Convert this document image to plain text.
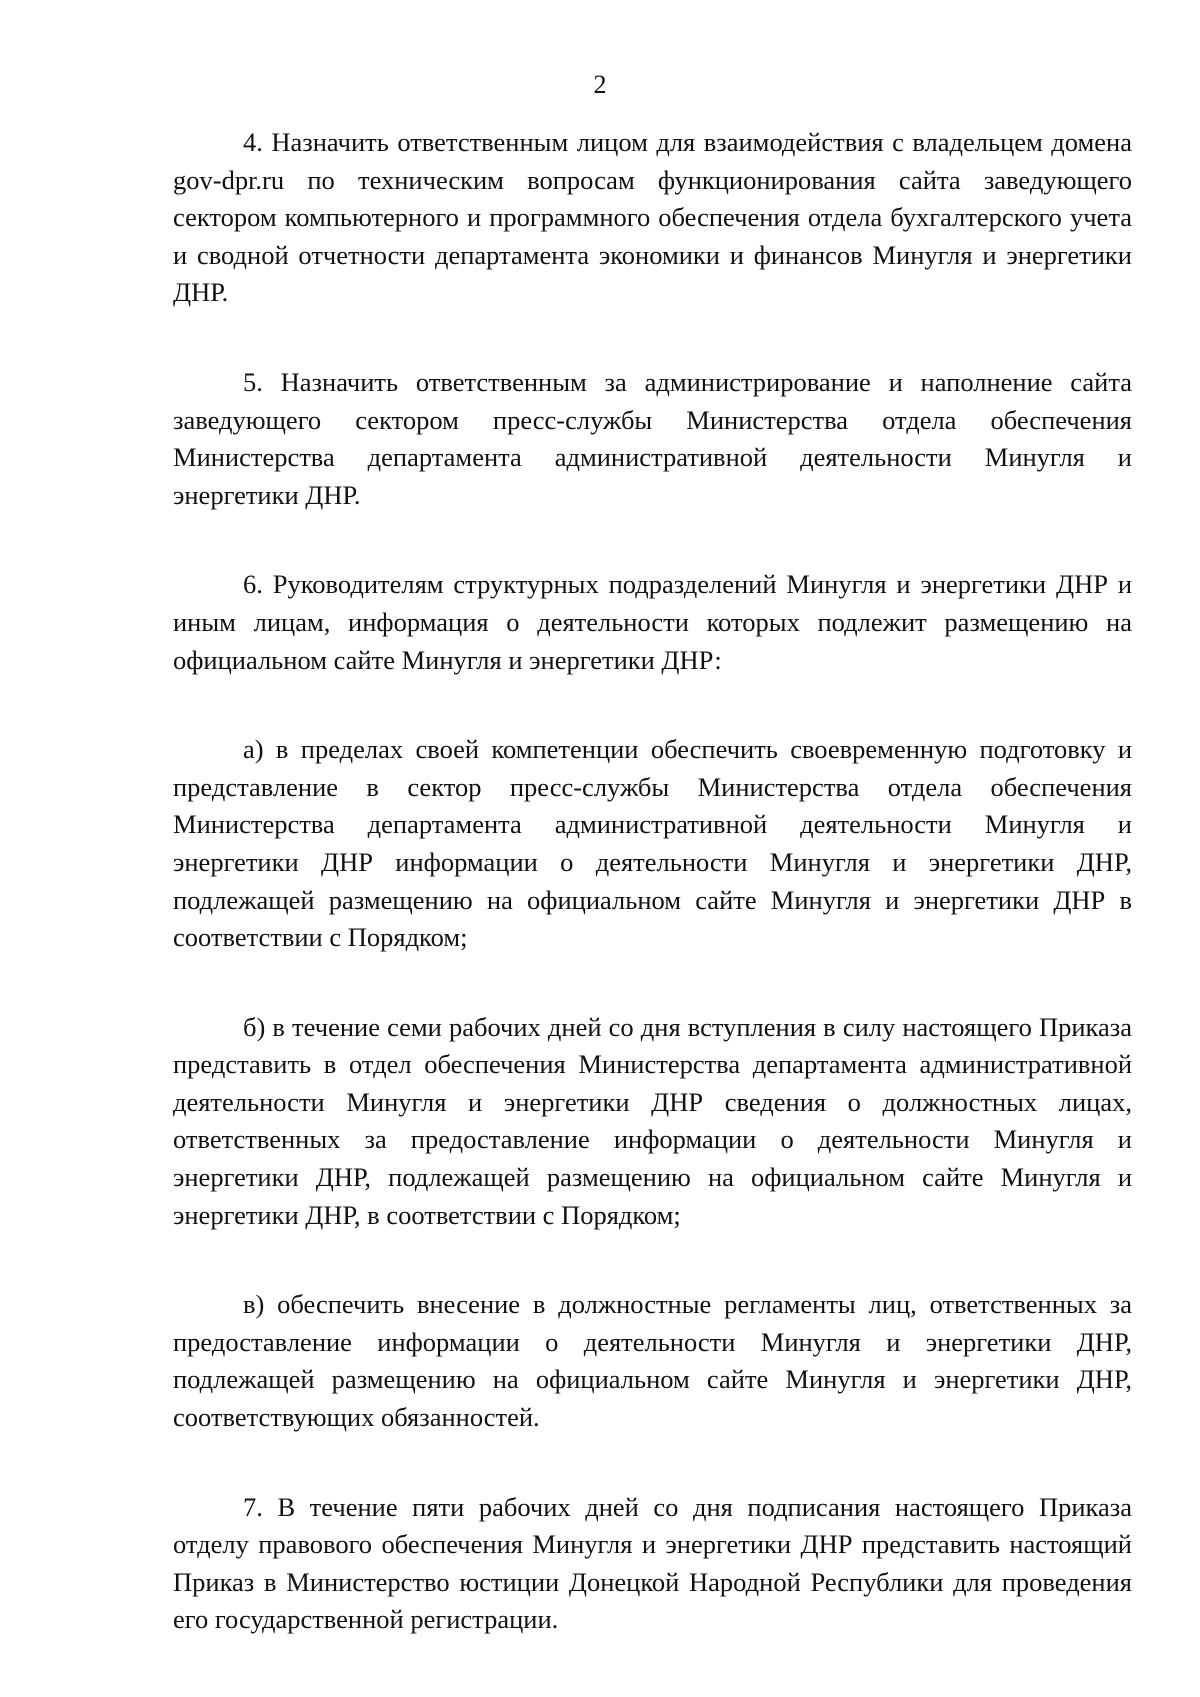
2

4. Назначить ответственным лицом для взаимодействия с владельцем домена gov-dpr.ru по техническим вопросам функционирования сайта заведующего сектором компьютерного и программного обеспечения отдела бухгалтерского учета и сводной отчетности департамента экономики и финансов Минугля и энергетики ДНР.

5. Назначить ответственным за администрирование и наполнение сайта заведующего сектором пресс-службы Министерства отдела обеспечения Министерства департамента административной деятельности Минугля и энергетики ДНР.

6. Руководителям структурных подразделений Минугля и энергетики ДНР и иным лицам, информация о деятельности которых подлежит размещению на официальном сайте Минугля и энергетики ДНР:

а) в пределах своей компетенции обеспечить своевременную подготовку и представление в сектор пресс-службы Министерства отдела обеспечения Министерства департамента административной деятельности Минугля и энергетики ДНР информации о деятельности Минугля и энергетики ДНР, подлежащей размещению на официальном сайте Минугля и энергетики ДНР в соответствии с Порядком;

б) в течение семи рабочих дней со дня вступления в силу настоящего Приказа представить в отдел обеспечения Министерства департамента административной деятельности Минугля и энергетики ДНР сведения о должностных лицах, ответственных за предоставление информации о деятельности Минугля и энергетики ДНР, подлежащей размещению на официальном сайте Минугля и энергетики ДНР, в соответствии с Порядком;

в) обеспечить внесение в должностные регламенты лиц, ответственных за предоставление информации о деятельности Минугля и энергетики ДНР, подлежащей размещению на официальном сайте Минугля и энергетики ДНР, соответствующих обязанностей.

7. В течение пяти рабочих дней со дня подписания настоящего Приказа отделу правового обеспечения Минугля и энергетики ДНР представить настоящий Приказ в Министерство юстиции Донецкой Народной Республики для проведения его государственной регистрации.
